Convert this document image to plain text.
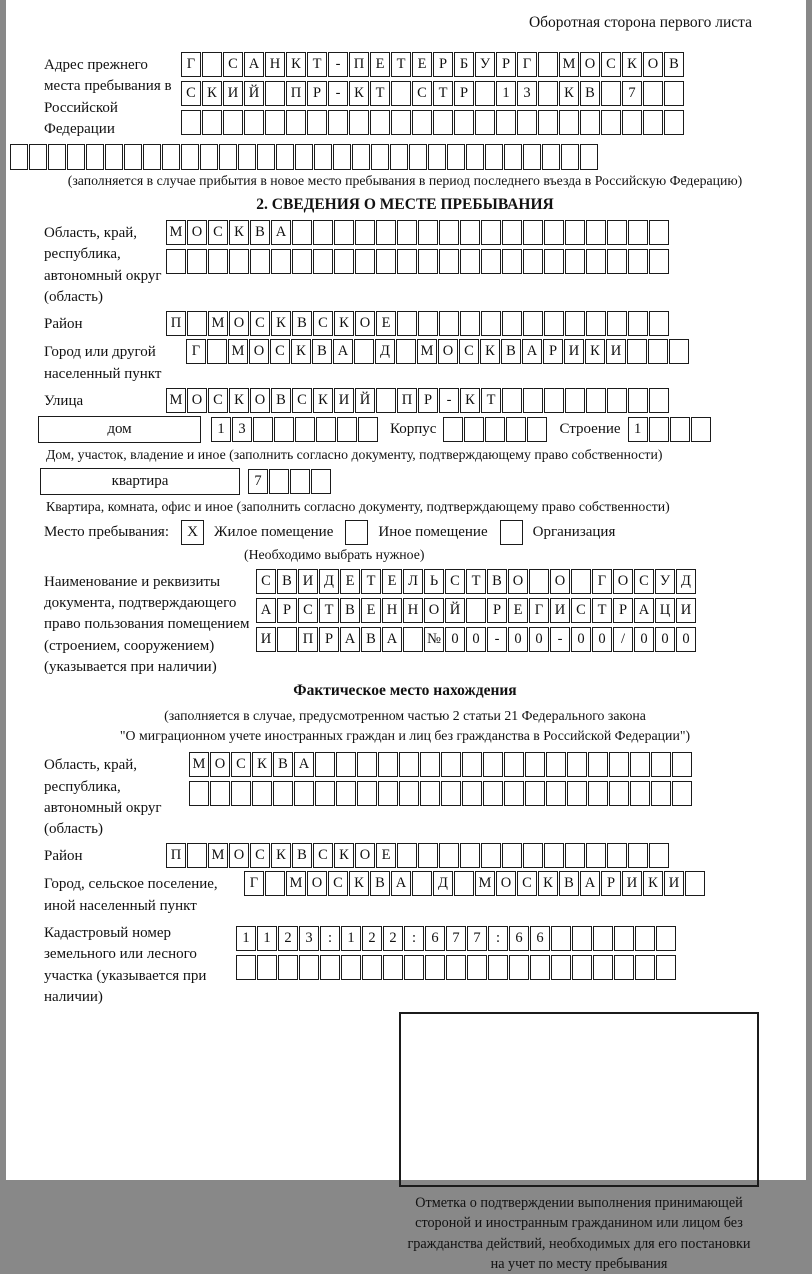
Оборотная сторона первого листа
Адрес прежнего места пребывания в Российской Федерации
Г	С А Н К Т - П Е Т Е Р Б У Р Г	М О С К О В
С К И Й	П Р	- К Т	С Т Р	1 3	К В	7
(заполняется в случае прибытия в новое место пребывания в период последнего въезда в Российскую Федерацию)
2. СВЕДЕНИЯ О МЕСТЕ ПРЕБЫВАНИЯ
Область, край, республика, автономный округ (область)
М О С К В А
Район	П	М О С К В С К О Е
Город или другой населенный пункт
Г	М О С К В А	Д	М О С К В А Р И К И
Улица	М О С К О В С К И Й	П Р	- К Т
дом	1 3	Корпус	Строение 1
Дом, участок, владение и иное (заполнить согласно документу, подтверждающему право собственности)
квартира	7
Квартира, комната, офис и иное (заполнить согласно документу, подтверждающему право собственности)
Место пребывания:	X	Жилое помещение	Иное помещение	Организация
(Необходимо выбрать нужное)
Наименование и реквизиты документа, подтверждающего право пользования помещением (строением, сооружением) (указывается при наличии)
С В И Д Е Т Е Л Ь С Т В О	О	Г О С У Д
А Р С Т В Е Н Н О Й	Р Е Г И С Т Р А Ц И
И	П Р А В А	№ 0 0	-	0 0	-	0 0	/	0 0 0
Фактическое место нахождения
(заполняется в случае, предусмотренном частью 2 статьи 21 Федерального закона
"О миграционном учете иностранных граждан и лиц без гражданства в Российской Федерации")
Область, край, республика, автономный округ (область)
М О С К В А
Район	П	М О С К В С К О Е
Город, сельское поселение, иной населенный пункт
Г	М О С К В А	Д	М О С К В А Р И К И
Кадастровый номер земельного или лесного участка (указывается при наличии)
1 1 2 3	:	1 2 2	:	6 7 7	:	6 6
Отметка о подтверждении выполнения принимающей
стороной и иностранным гражданином или лицом без
гражданства действий, необходимых для его постановки
на учет по месту пребывания
